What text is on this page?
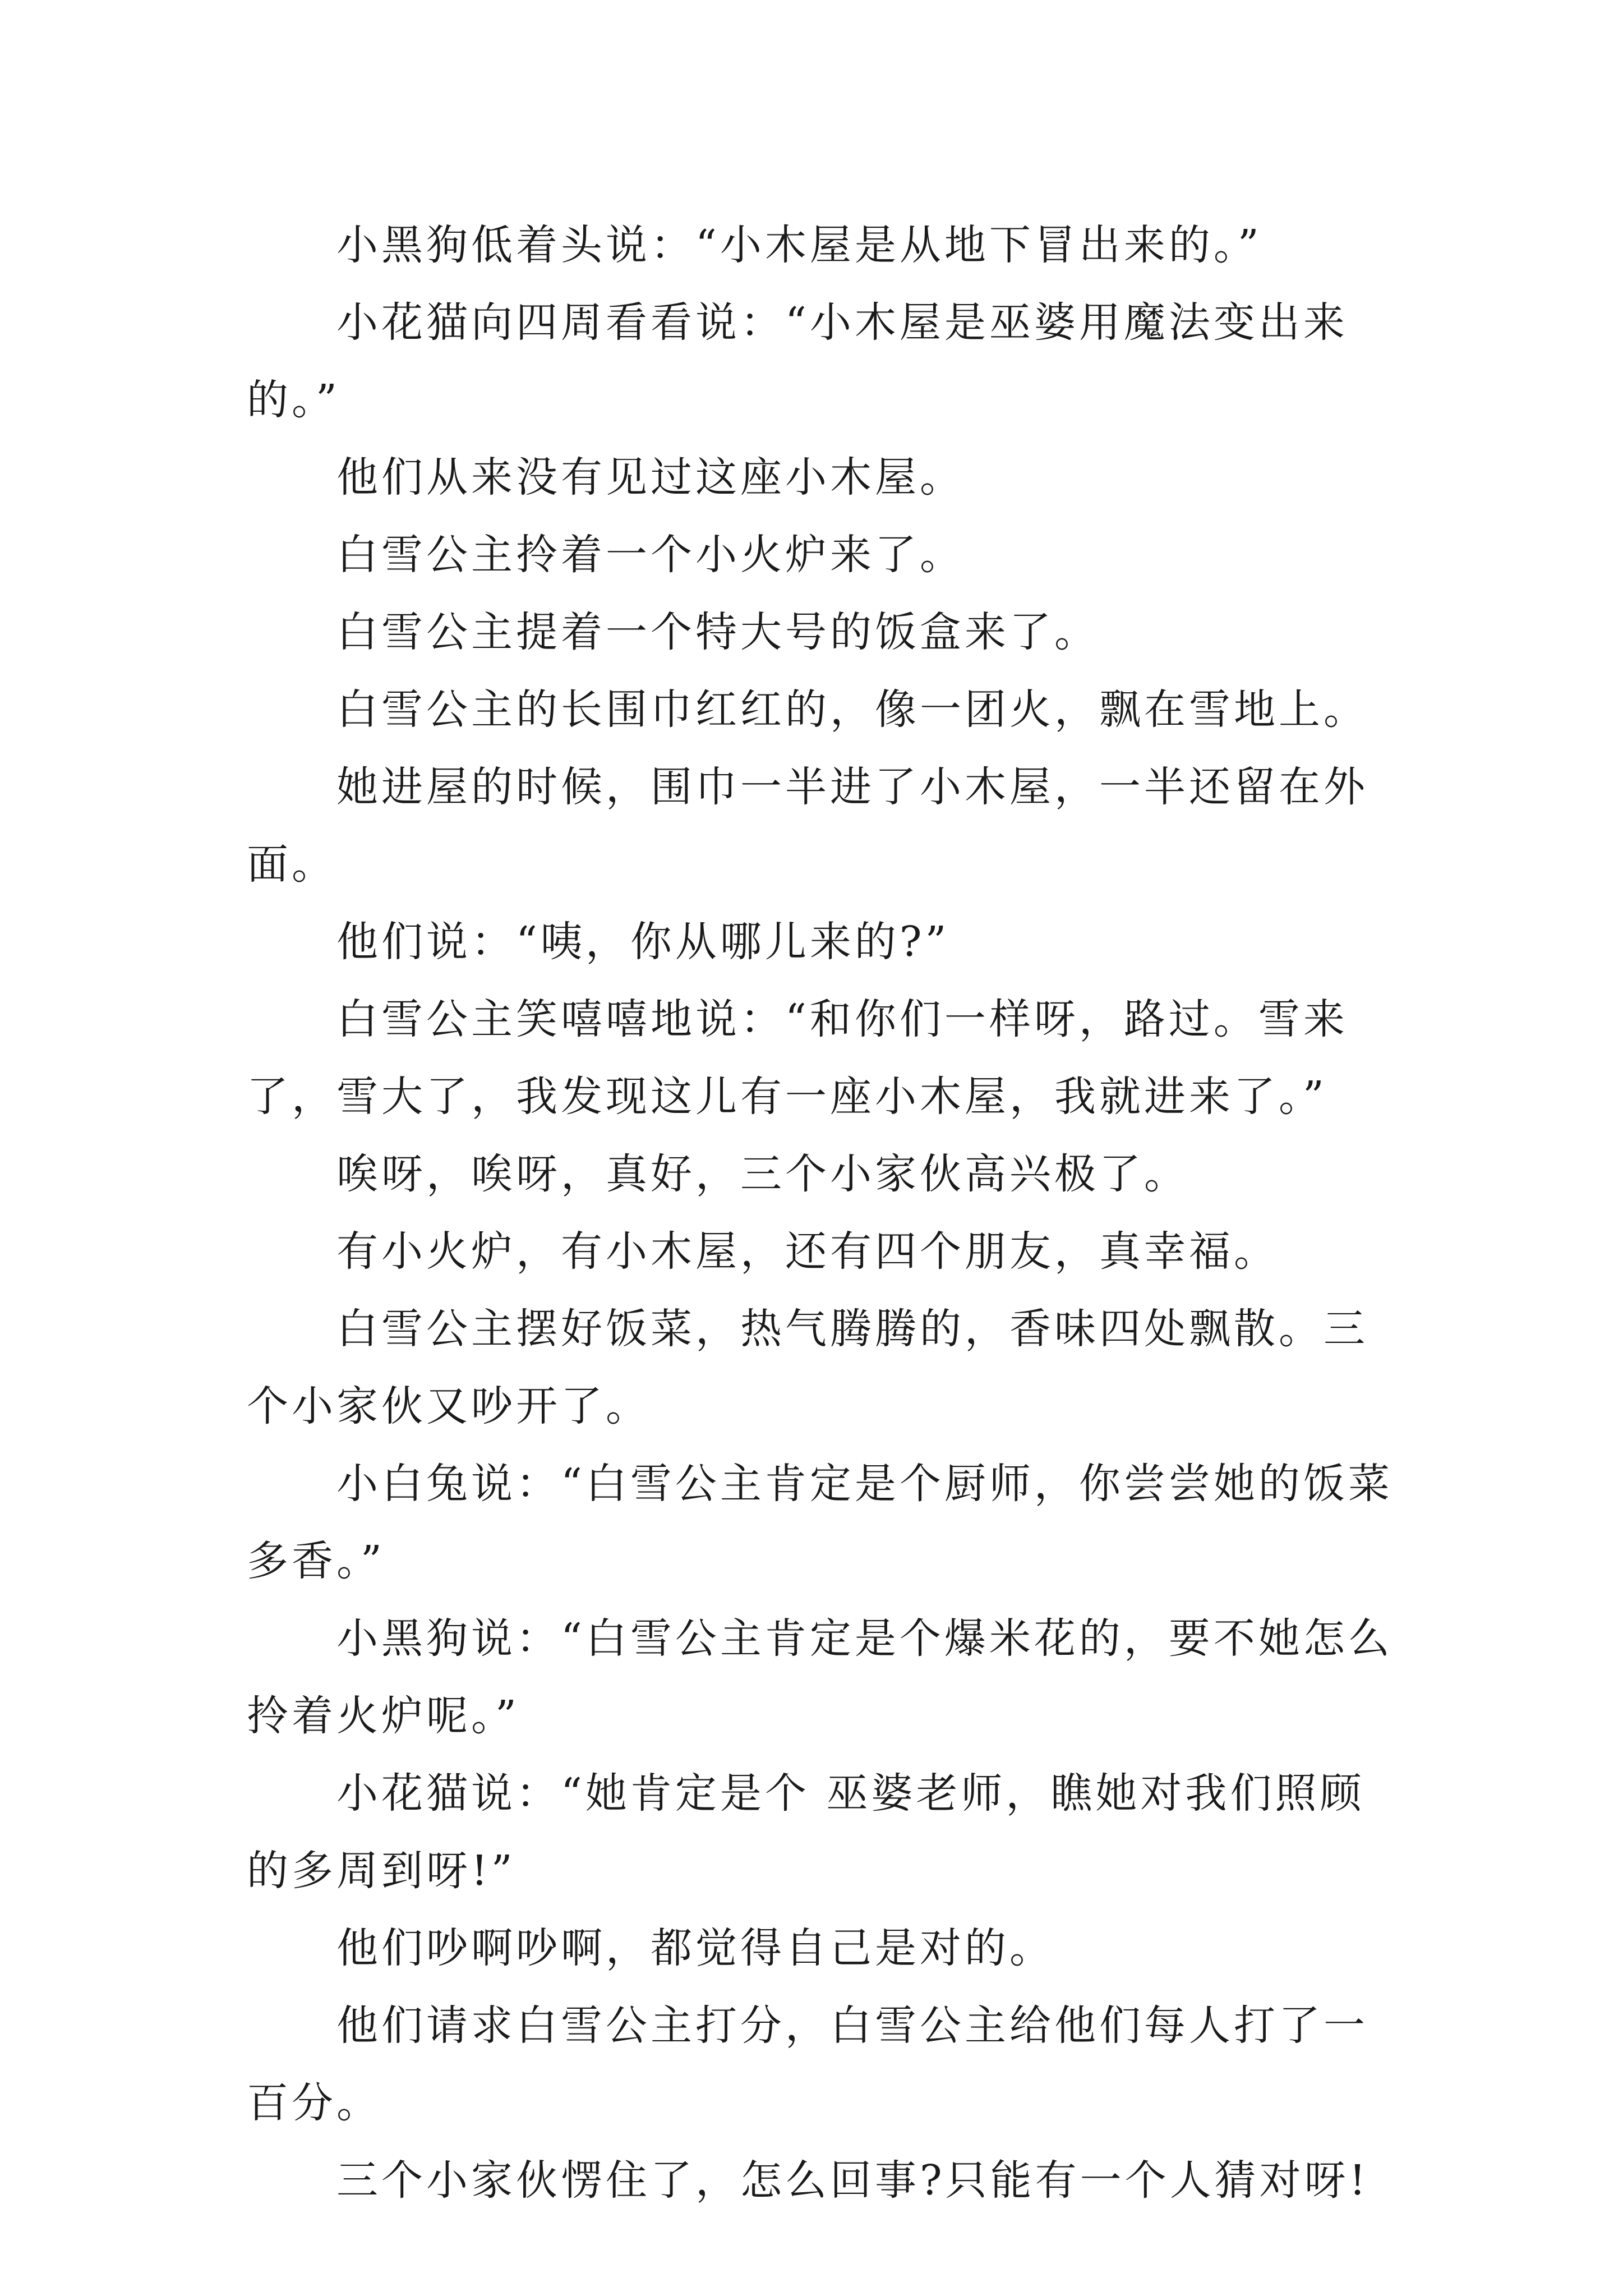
小黑狗低着头说：“小木屋是从地下冒出来的。”

小花猫向四周看看说：“小木屋是巫婆用魔法变出来的。”

他们从来没有见过这座小木屋。

白雪公主拎着一个小火炉来了。

白雪公主提着一个特大号的饭盒来了。

白雪公主的长围巾红红的，像一团火，飘在雪地上。

她进屋的时候，围巾一半进了小木屋，一半还留在外面。

他们说：“咦，你从哪儿来的?”

白雪公主笑嘻嘻地说：“和你们一样呀，路过。雪来了，雪大了，我发现这儿有一座小木屋，我就进来了。”

唉呀，唉呀，真好，三个小家伙高兴极了。

有小火炉，有小木屋，还有四个朋友，真幸福。

白雪公主摆好饭菜，热气腾腾的，香味四处飘散。三个小家伙又吵开了。

小白兔说：“白雪公主肯定是个厨师，你尝尝她的饭菜多香。”

小黑狗说：“白雪公主肯定是个爆米花的，要不她怎么拎着火炉呢。”

小花猫说：“她肯定是个 巫婆老师，瞧她对我们照顾的多周到呀!”

他们吵啊吵啊，都觉得自己是对的。

他们请求白雪公主打分，白雪公主给他们每人打了一百分。

三个小家伙愣住了，怎么回事?只能有一个人猜对呀!
